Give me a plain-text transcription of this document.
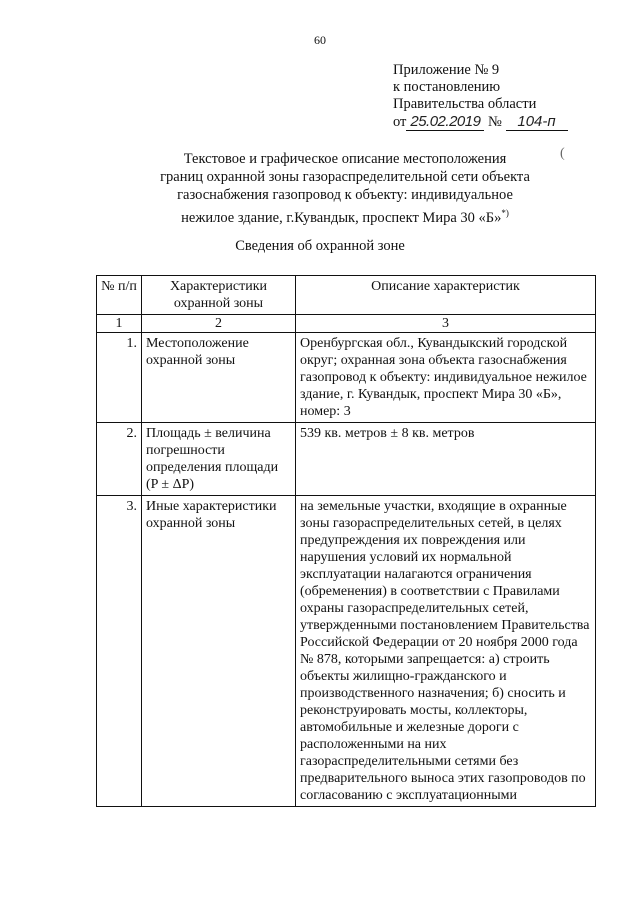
60
Приложение № 9
к постановлению
Правительства области
от 25.02.2019 № 104-п
(
Текстовое и графическое описание местоположения
границ охранной зоны газораспределительной сети объекта
газоснабжения газопровод к объекту: индивидуальное
нежилое здание, г.Кувандык, проспект Мира 30 «Б»*)
Сведения об охранной зоне
№ п/п	Характеристики охранной зоны	Описание характеристик
1	2	3
1.	Местоположение охранной зоны	Оренбургская обл., Кувандыкский городской округ; охранная зона объекта газоснабжения газопровод к объекту: индивидуальное нежилое здание, г. Кувандык, проспект Мира 30 «Б», номер: 3
2.	Площадь ± величина погрешности определения площади (P ± ΔP)	539 кв. метров ± 8 кв. метров
3.	Иные характеристики охранной зоны	на земельные участки, входящие в охранные зоны газораспределительных сетей, в целях предупреждения их повреждения или нарушения условий их нормальной эксплуатации налагаются ограничения (обременения) в соответствии с Правилами охраны газораспределительных сетей, утвержденными постановлением Правительства Российской Федерации от 20 ноября 2000 года № 878, которыми запрещается: а) строить объекты жилищно-гражданского и производственного назначения; б) сносить и реконструировать мосты, коллекторы, автомобильные и железные дороги с расположенными на них газораспределительными сетями без предварительного выноса этих газопроводов по согласованию с эксплуатационными
